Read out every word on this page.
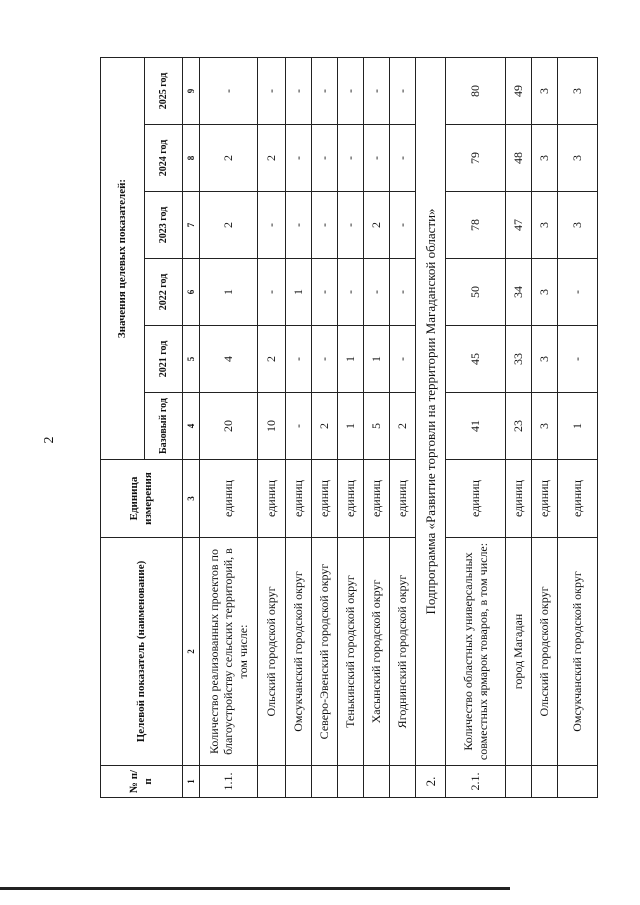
2
№ п/п	Целевой показатель (наименование)	Единица измерения	Значения целевых показателей:					
			Базовый год	2021 год	2022 год	2023 год	2024 год	2025 год
1	2	3	4	5	6	7	8	9
1.1.	Количество реализованных проектов по благоустройству сельских территорий, в том числе:	единиц	20	4	1	2	2	-
	Ольский городской округ	единиц	10	2	-	-	2	-
	Омсукчанский городской округ	единиц	-	-	1	-	-	-
	Северо-Эвенский городской округ	единиц	2	-	-	-	-	-
	Тенькинский городской округ	единиц	1	1	-	-	-	-
	Хасынский городской округ	единиц	5	1	-	2	-	-
	Ягоднинский городской округ	единиц	2	-	-	-	-	-
2.	Подпрограмма «Развитие торговли на территории Магаданской области»							
2.1.	Количество областных универсальных совместных ярмарок товаров, в том числе:	единиц	41	45	50	78	79	80
	город Магадан	единиц	23	33	34	47	48	49
	Ольский городской округ	единиц	3	3	3	3	3	3
	Омсукчанский городской округ	единиц	1	-	-	3	3	3
